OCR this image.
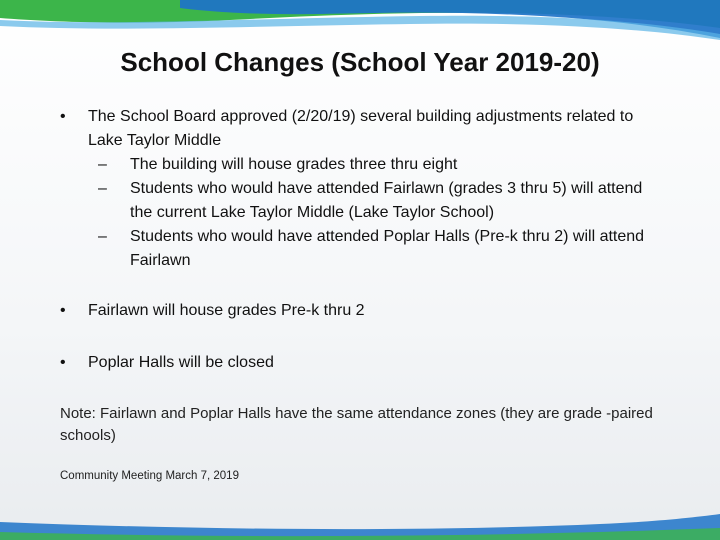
School Changes (School Year 2019-20)
• The School Board approved (2/20/19) several building adjustments related to Lake Taylor Middle
– The building will house grades three thru eight
– Students who would have attended Fairlawn (grades 3 thru 5) will attend the current Lake Taylor Middle (Lake Taylor School)
– Students who would have attended Poplar Halls (Pre-k thru 2) will attend Fairlawn
• Fairlawn will house grades Pre-k thru 2
• Poplar Halls will be closed
Note: Fairlawn and Poplar Halls have the same attendance zones (they are grade -paired schools)
Community Meeting March 7, 2019
